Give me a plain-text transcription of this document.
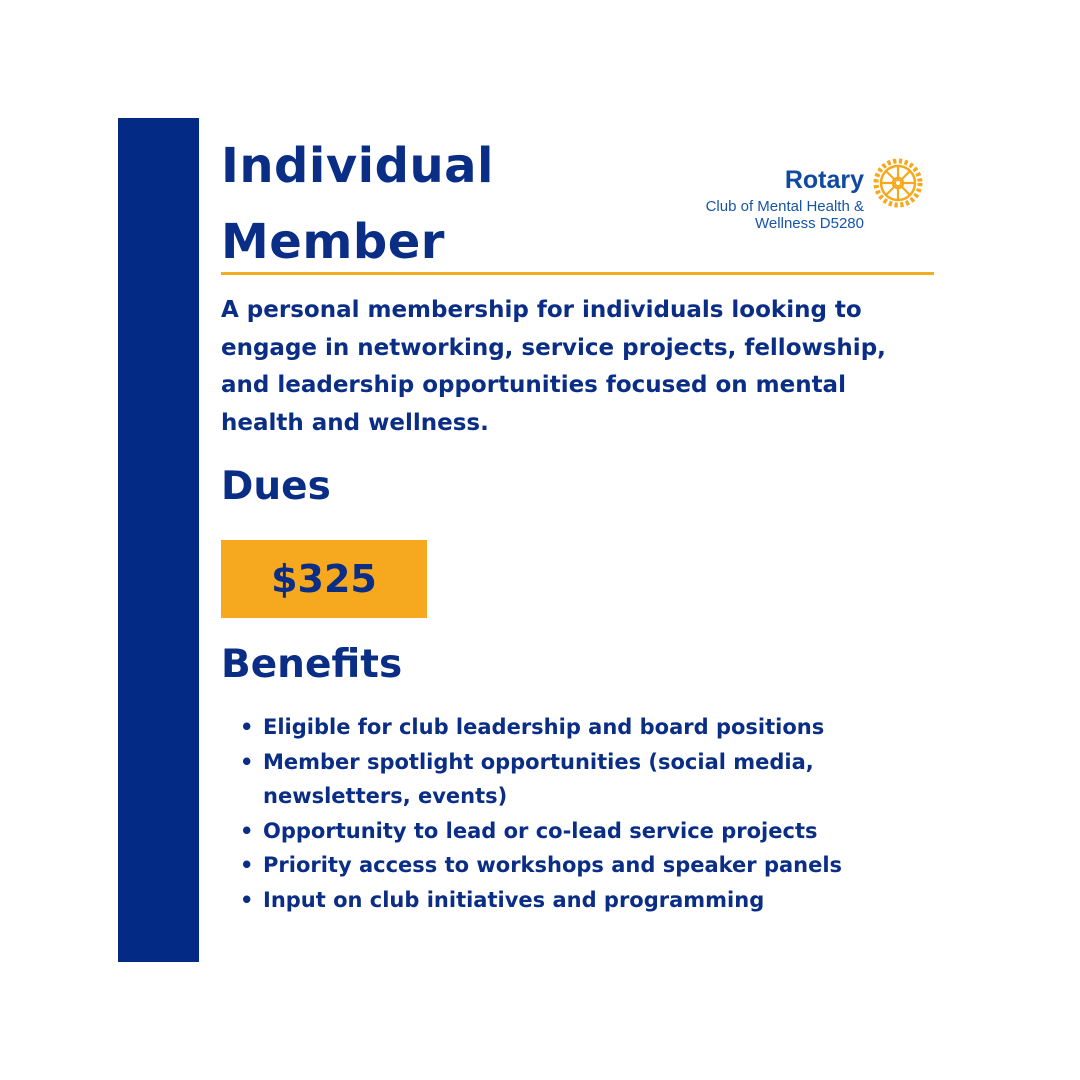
Individual
Member
Rotary
Club of Mental Health &
Wellness D5280

A personal membership for individuals looking to engage in networking, service projects, fellowship, and leadership opportunities focused on mental health and wellness.

Dues
$325
Benefits
• Eligible for club leadership and board positions
• Member spotlight opportunities (social media, newsletters, events)
• Opportunity to lead or co-lead service projects
• Priority access to workshops and speaker panels
• Input on club initiatives and programming
